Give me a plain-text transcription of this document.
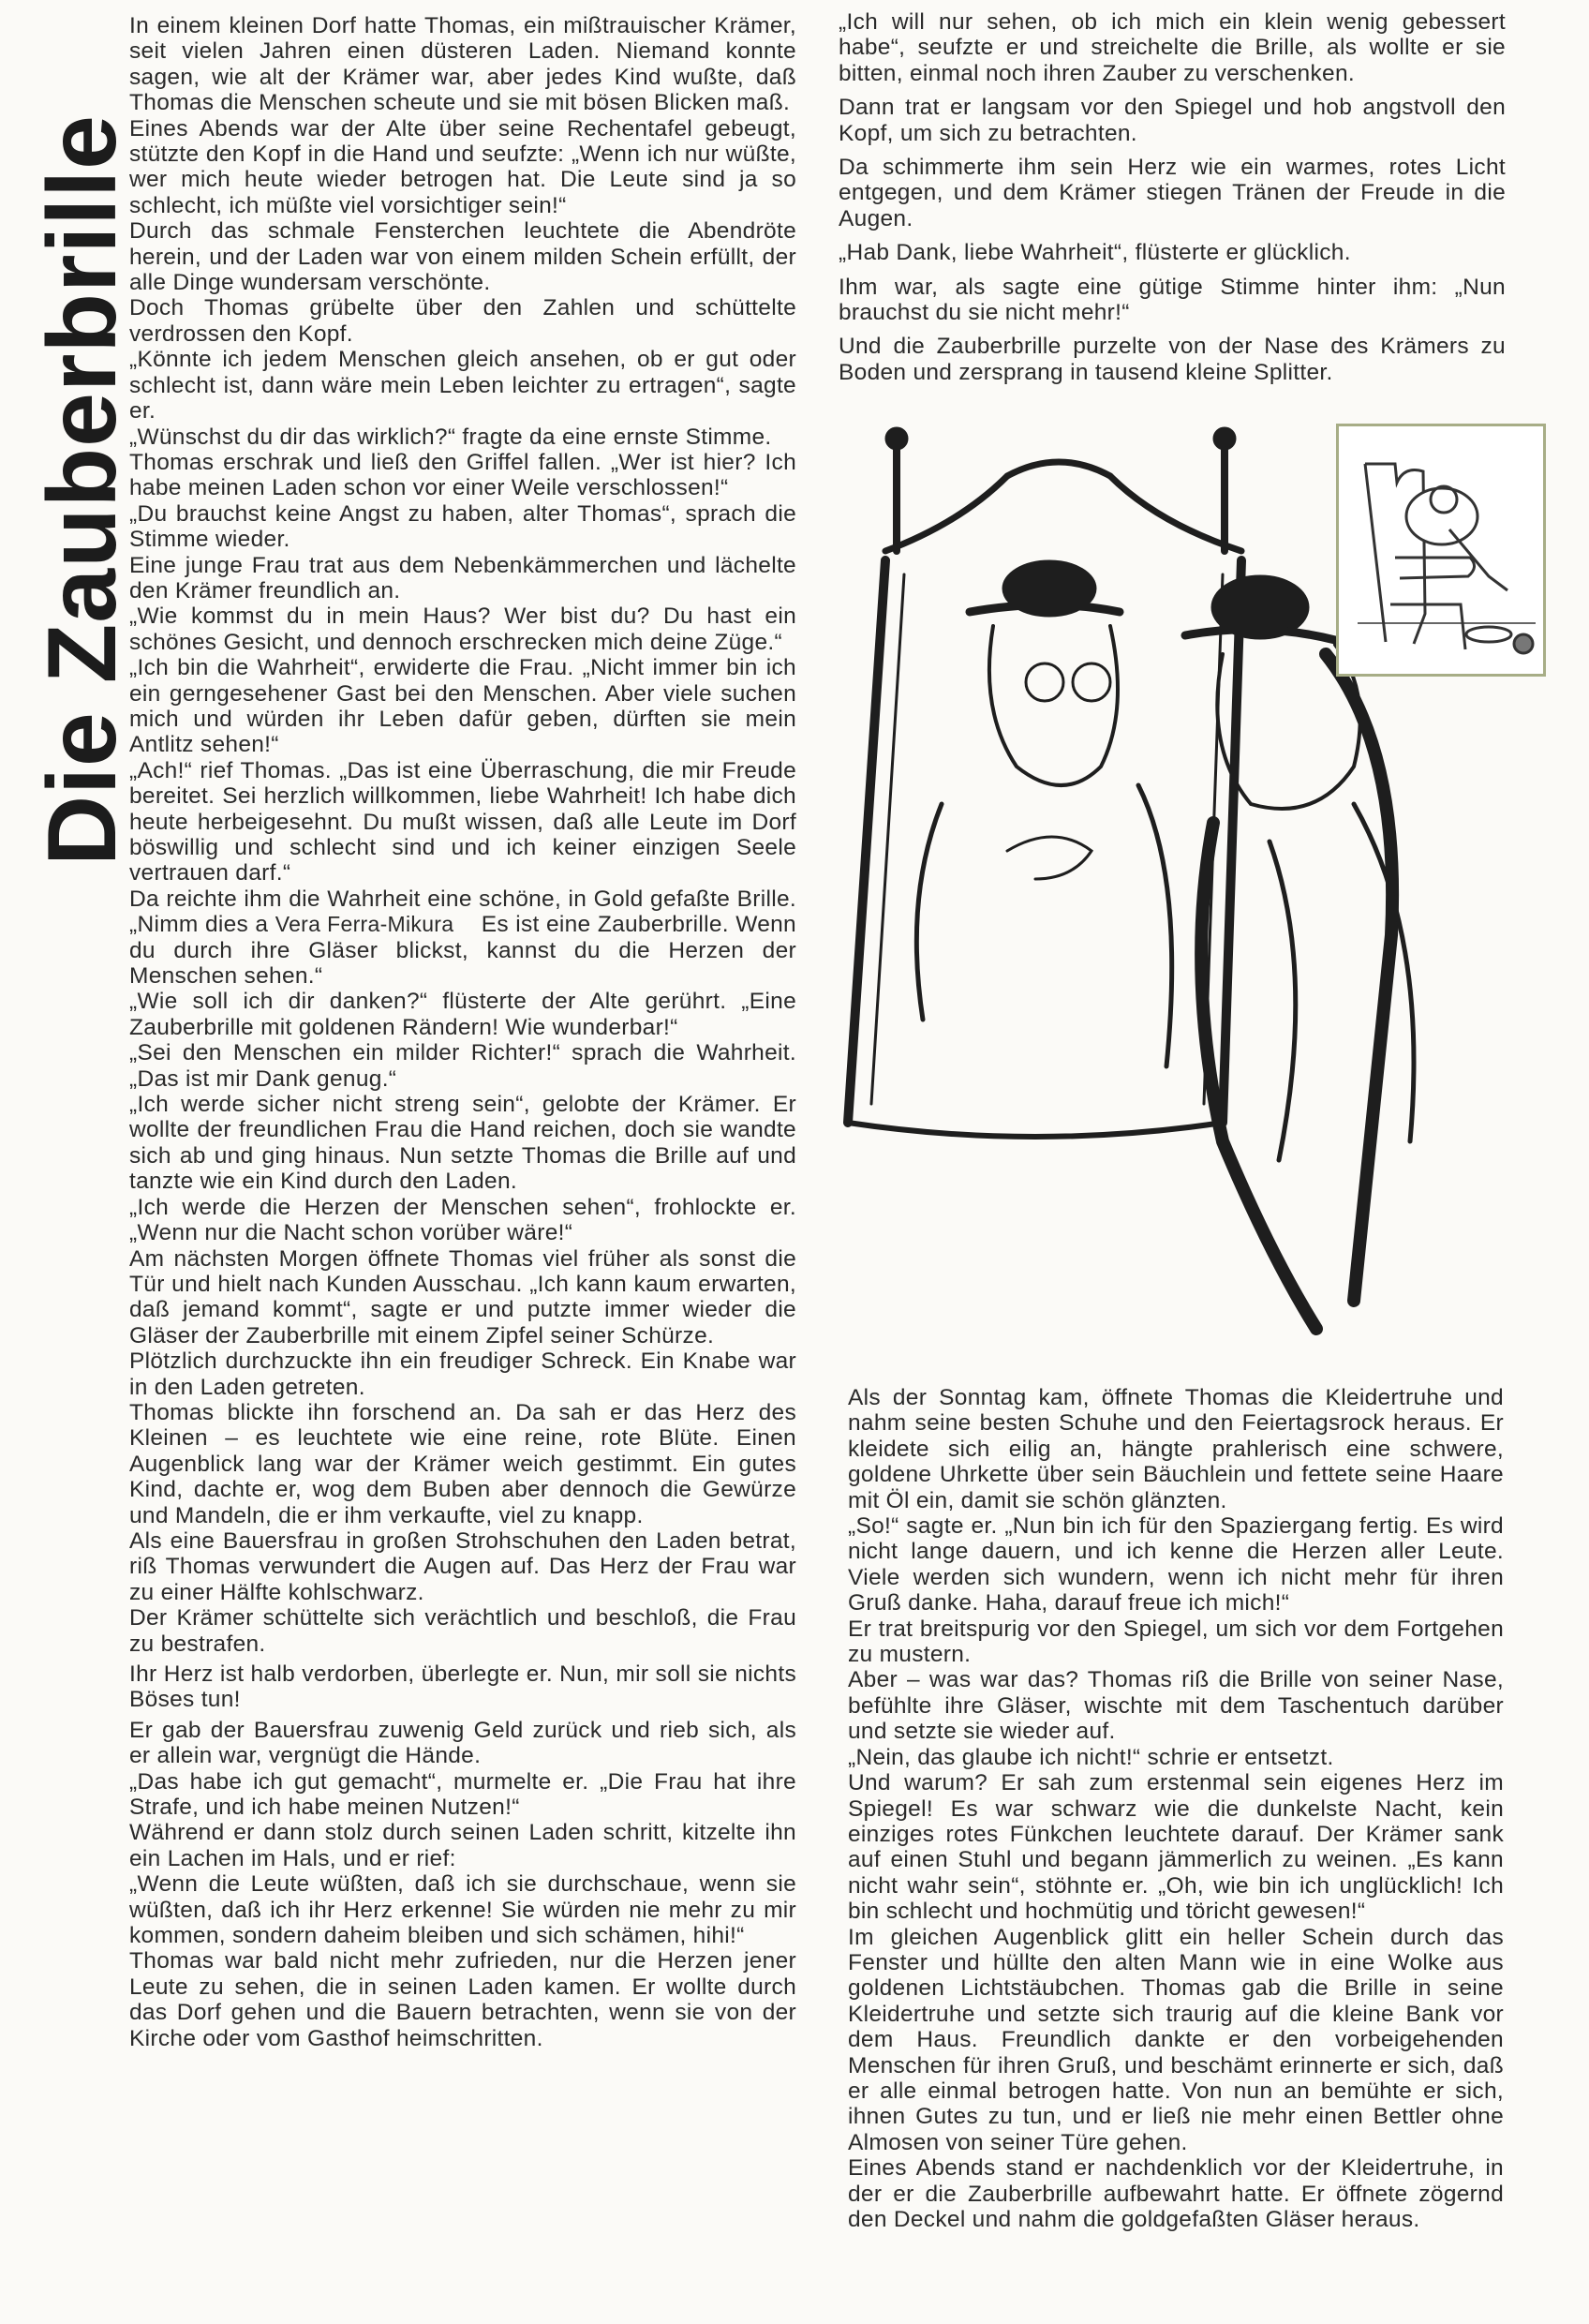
Die Zauberbrille

In einem kleinen Dorf hatte Thomas, ein mißtrauischer Krämer, seit vielen Jahren einen düsteren Laden. Niemand konnte sagen, wie alt der Krämer war, aber jedes Kind wußte, daß Thomas die Menschen scheute und sie mit bösen Blicken maß.

Eines Abends war der Alte über seine Rechentafel gebeugt, stützte den Kopf in die Hand und seufzte: „Wenn ich nur wüßte, wer mich heute wieder betrogen hat. Die Leute sind ja so schlecht, ich müßte viel vorsichtiger sein!“

Durch das schmale Fensterchen leuchtete die Abendröte herein, und der Laden war von einem milden Schein erfüllt, der alle Dinge wundersam verschönte.

Doch Thomas grübelte über den Zahlen und schüttelte verdrossen den Kopf.

„Könnte ich jedem Menschen gleich ansehen, ob er gut oder schlecht ist, dann wäre mein Leben leichter zu ertragen“, sagte er.

„Wünschst du dir das wirklich?“ fragte da eine ernste Stimme.

Thomas erschrak und ließ den Griffel fallen. „Wer ist hier? Ich habe meinen Laden schon vor einer Weile verschlossen!“

„Du brauchst keine Angst zu haben, alter Thomas“, sprach die Stimme wieder.

Eine junge Frau trat aus dem Nebenkämmerchen und lächelte den Krämer freundlich an.

„Wie kommst du in mein Haus? Wer bist du? Du hast ein schönes Gesicht, und dennoch erschrecken mich deine Züge.“

„Ich bin die Wahrheit“, erwiderte die Frau. „Nicht immer bin ich ein gerngesehener Gast bei den Menschen. Aber viele suchen mich und würden ihr Leben dafür geben, dürften sie mein Antlitz sehen!“

„Ach!“ rief Thomas. „Das ist eine Überraschung, die mir Freude bereitet. Sei herzlich willkommen, liebe Wahrheit! Ich habe dich heute herbeigesehnt. Du mußt wissen, daß alle Leute im Dorf böswillig und schlecht sind und ich keiner einzigen Seele vertrauen darf.“

Da reichte ihm die Wahrheit eine schöne, in Gold gefaßte Brille. „Nimm dies a Vera Ferra-Mikura Es ist eine Zauberbrille. Wenn du durch ihre Gläser blickst, kannst du die Herzen der Menschen sehen.“

„Wie soll ich dir danken?“ flüsterte der Alte gerührt. „Eine Zauberbrille mit goldenen Rändern! Wie wunderbar!“

„Sei den Menschen ein milder Richter!“ sprach die Wahrheit. „Das ist mir Dank genug.“

„Ich werde sicher nicht streng sein“, gelobte der Krämer. Er wollte der freundlichen Frau die Hand reichen, doch sie wandte sich ab und ging hinaus. Nun setzte Thomas die Brille auf und tanzte wie ein Kind durch den Laden.

„Ich werde die Herzen der Menschen sehen“, frohlockte er. „Wenn nur die Nacht schon vorüber wäre!“

Am nächsten Morgen öffnete Thomas viel früher als sonst die Tür und hielt nach Kunden Ausschau. „Ich kann kaum erwarten, daß jemand kommt“, sagte er und putzte immer wieder die Gläser der Zauberbrille mit einem Zipfel seiner Schürze.

Plötzlich durchzuckte ihn ein freudiger Schreck. Ein Knabe war in den Laden getreten.

Thomas blickte ihn forschend an. Da sah er das Herz des Kleinen – es leuchtete wie eine reine, rote Blüte. Einen Augenblick lang war der Krämer weich gestimmt. Ein gutes Kind, dachte er, wog dem Buben aber dennoch die Gewürze und Mandeln, die er ihm verkaufte, viel zu knapp.

Als eine Bauersfrau in großen Strohschuhen den Laden betrat, riß Thomas verwundert die Augen auf. Das Herz der Frau war zu einer Hälfte kohlschwarz.

Der Krämer schüttelte sich verächtlich und beschloß, die Frau zu bestrafen.

Ihr Herz ist halb verdorben, überlegte er. Nun, mir soll sie nichts Böses tun!

Er gab der Bauersfrau zuwenig Geld zurück und rieb sich, als er allein war, vergnügt die Hände.

„Das habe ich gut gemacht“, murmelte er. „Die Frau hat ihre Strafe, und ich habe meinen Nutzen!“

Während er dann stolz durch seinen Laden schritt, kitzelte ihn ein Lachen im Hals, und er rief:

„Wenn die Leute wüßten, daß ich sie durchschaue, wenn sie wüßten, daß ich ihr Herz erkenne! Sie würden nie mehr zu mir kommen, sondern daheim bleiben und sich schämen, hihi!“

Thomas war bald nicht mehr zufrieden, nur die Herzen jener Leute zu sehen, die in seinen Laden kamen. Er wollte durch das Dorf gehen und die Bauern betrachten, wenn sie von der Kirche oder vom Gasthof heimschritten.

„Ich will nur sehen, ob ich mich ein klein wenig gebessert habe“, seufzte er und streichelte die Brille, als wollte er sie bitten, einmal noch ihren Zauber zu verschenken.

Dann trat er langsam vor den Spiegel und hob angstvoll den Kopf, um sich zu betrachten.

Da schimmerte ihm sein Herz wie ein warmes, rotes Licht entgegen, und dem Krämer stiegen Tränen der Freude in die Augen.

„Hab Dank, liebe Wahrheit“, flüsterte er glücklich.

Ihm war, als sagte eine gütige Stimme hinter ihm: „Nun brauchst du sie nicht mehr!“

Und die Zauberbrille purzelte von der Nase des Krämers zu Boden und zersprang in tausend kleine Splitter.

Als der Sonntag kam, öffnete Thomas die Kleidertruhe und nahm seine besten Schuhe und den Feiertagsrock heraus. Er kleidete sich eilig an, hängte prahlerisch eine schwere, goldene Uhrkette über sein Bäuchlein und fettete seine Haare mit Öl ein, damit sie schön glänzten.

„So!“ sagte er. „Nun bin ich für den Spaziergang fertig. Es wird nicht lange dauern, und ich kenne die Herzen aller Leute. Viele werden sich wundern, wenn ich nicht mehr für ihren Gruß danke. Haha, darauf freue ich mich!“

Er trat breitspurig vor den Spiegel, um sich vor dem Fortgehen zu mustern.

Aber – was war das? Thomas riß die Brille von seiner Nase, befühlte ihre Gläser, wischte mit dem Taschentuch darüber und setzte sie wieder auf.

„Nein, das glaube ich nicht!“ schrie er entsetzt.

Und warum? Er sah zum erstenmal sein eigenes Herz im Spiegel! Es war schwarz wie die dunkelste Nacht, kein einziges rotes Fünkchen leuchtete darauf. Der Krämer sank auf einen Stuhl und begann jämmerlich zu weinen. „Es kann nicht wahr sein“, stöhnte er. „Oh, wie bin ich unglücklich! Ich bin schlecht und hochmütig und töricht gewesen!“

Im gleichen Augenblick glitt ein heller Schein durch das Fenster und hüllte den alten Mann wie in eine Wolke aus goldenen Lichtstäubchen. Thomas gab die Brille in seine Kleidertruhe und setzte sich traurig auf die kleine Bank vor dem Haus. Freundlich dankte er den vorbeigehenden Menschen für ihren Gruß, und beschämt erinnerte er sich, daß er alle einmal betrogen hatte. Von nun an bemühte er sich, ihnen Gutes zu tun, und er ließ nie mehr einen Bettler ohne Almosen von seiner Türe gehen.

Eines Abends stand er nachdenklich vor der Kleidertruhe, in der er die Zauberbrille aufbewahrt hatte. Er öffnete zögernd den Deckel und nahm die goldgefaßten Gläser heraus.
